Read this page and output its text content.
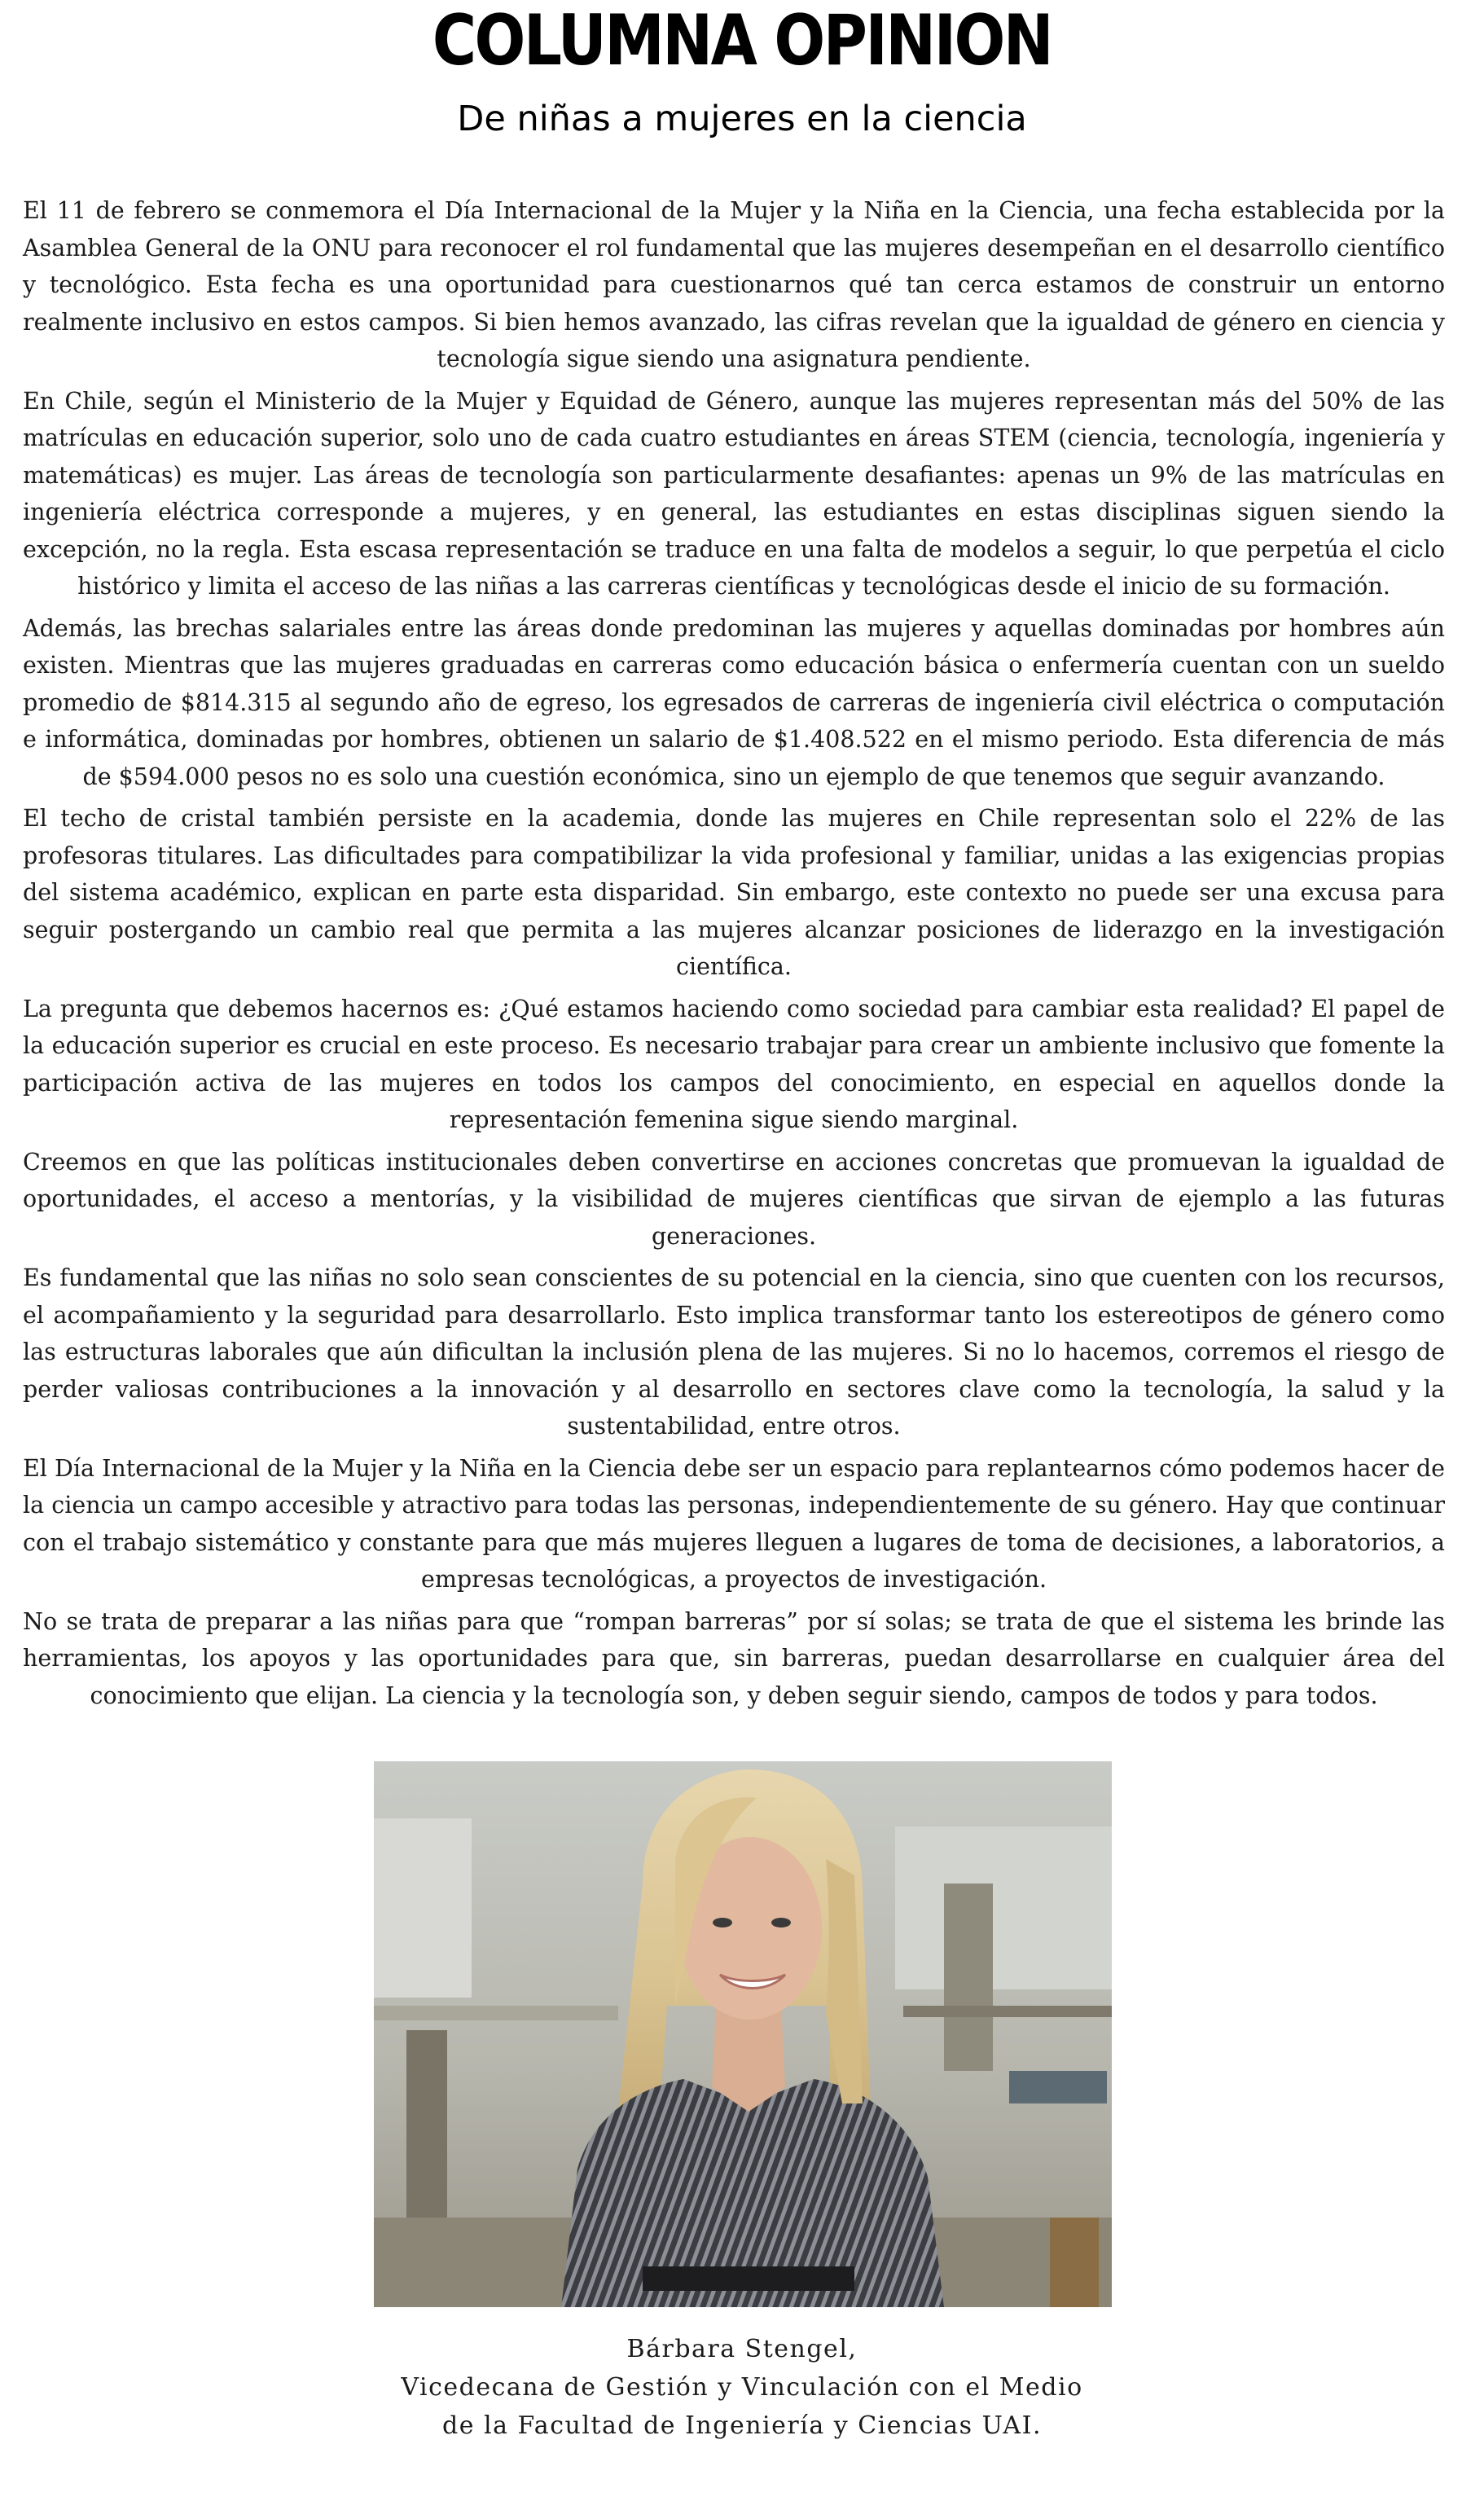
COLUMNA OPINION
De niñas a mujeres en la ciencia

El 11 de febrero se conmemora el Día Internacional de la Mujer y la Niña en la Ciencia, una fecha establecida por la Asamblea General de la ONU para reconocer el rol fundamental que las mujeres desempeñan en el desarrollo científico y tecnológico. Esta fecha es una oportunidad para cuestionarnos qué tan cerca estamos de construir un entorno realmente inclusivo en estos campos. Si bien hemos avanzado, las cifras revelan que la igualdad de género en ciencia y tecnología sigue siendo una asignatura pendiente.

En Chile, según el Ministerio de la Mujer y Equidad de Género, aunque las mujeres representan más del 50% de las matrículas en educación superior, solo uno de cada cuatro estudiantes en áreas STEM (ciencia, tecnología, ingeniería y matemáticas) es mujer. Las áreas de tecnología son particularmente desafiantes: apenas un 9% de las matrículas en ingeniería eléctrica corresponde a mujeres, y en general, las estudiantes en estas disciplinas siguen siendo la excepción, no la regla. Esta escasa representación se traduce en una falta de modelos a seguir, lo que perpetúa el ciclo histórico y limita el acceso de las niñas a las carreras científicas y tecnológicas desde el inicio de su formación.

Además, las brechas salariales entre las áreas donde predominan las mujeres y aquellas dominadas por hombres aún existen. Mientras que las mujeres graduadas en carreras como educación básica o enfermería cuentan con un sueldo promedio de $814.315 al segundo año de egreso, los egresados de carreras de ingeniería civil eléctrica o computación e informática, dominadas por hombres, obtienen un salario de $1.408.522 en el mismo periodo. Esta diferencia de más de $594.000 pesos no es solo una cuestión económica, sino un ejemplo de que tenemos que seguir avanzando.

El techo de cristal también persiste en la academia, donde las mujeres en Chile representan solo el 22% de las profesoras titulares. Las dificultades para compatibilizar la vida profesional y familiar, unidas a las exigencias propias del sistema académico, explican en parte esta disparidad. Sin embargo, este contexto no puede ser una excusa para seguir postergando un cambio real que permita a las mujeres alcanzar posiciones de liderazgo en la investigación científica.

La pregunta que debemos hacernos es: ¿Qué estamos haciendo como sociedad para cambiar esta realidad? El papel de la educación superior es crucial en este proceso. Es necesario trabajar para crear un ambiente inclusivo que fomente la participación activa de las mujeres en todos los campos del conocimiento, en especial en aquellos donde la representación femenina sigue siendo marginal.

Creemos en que las políticas institucionales deben convertirse en acciones concretas que promuevan la igualdad de oportunidades, el acceso a mentorías, y la visibilidad de mujeres científicas que sirvan de ejemplo a las futuras generaciones.

Es fundamental que las niñas no solo sean conscientes de su potencial en la ciencia, sino que cuenten con los recursos, el acompañamiento y la seguridad para desarrollarlo. Esto implica transformar tanto los estereotipos de género como las estructuras laborales que aún dificultan la inclusión plena de las mujeres. Si no lo hacemos, corremos el riesgo de perder valiosas contribuciones a la innovación y al desarrollo en sectores clave como la tecnología, la salud y la sustentabilidad, entre otros.

El Día Internacional de la Mujer y la Niña en la Ciencia debe ser un espacio para replantearnos cómo podemos hacer de la ciencia un campo accesible y atractivo para todas las personas, independientemente de su género. Hay que continuar con el trabajo sistemático y constante para que más mujeres lleguen a lugares de toma de decisiones, a laboratorios, a empresas tecnológicas, a proyectos de investigación.

No se trata de preparar a las niñas para que “rompan barreras” por sí solas; se trata de que el sistema les brinde las herramientas, los apoyos y las oportunidades para que, sin barreras, puedan desarrollarse en cualquier área del conocimiento que elijan. La ciencia y la tecnología son, y deben seguir siendo, campos de todos y para todos.

Bárbara Stengel,
Vicedecana de Gestión y Vinculación con el Medio
de la Facultad de Ingeniería y Ciencias UAI.
